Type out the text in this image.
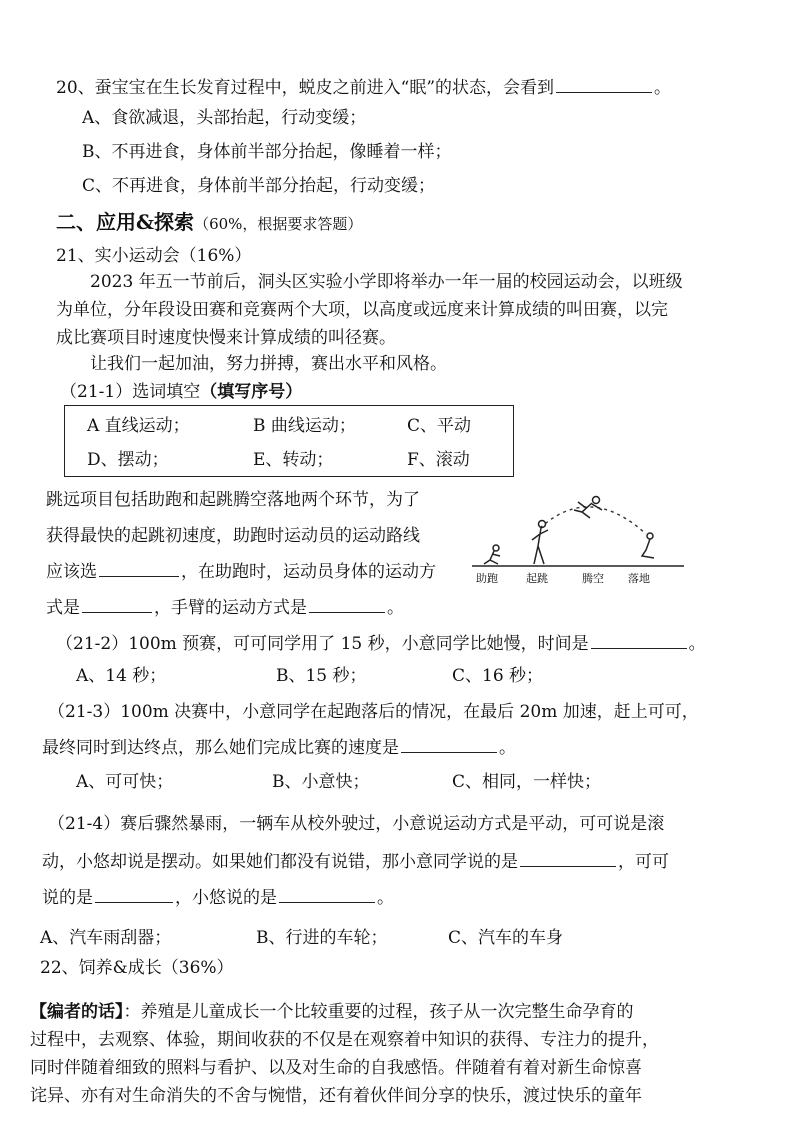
20、蚕宝宝在生长发育过程中，蜕皮之前进入“眠”的状态，会看到	。
A、食欲减退，头部抬起，行动变缓；
B、不再进食，身体前半部分抬起，像睡着一样；
C、不再进食，身体前半部分抬起，行动变缓；
二、应用&探索（60%，根据要求答题）
21、实小运动会（16%）
2023 年五一节前后，洞头区实验小学即将举办一年一届的校园运动会，以班级
为单位，分年段设田赛和竞赛两个大项，以高度或远度来计算成绩的叫田赛，以完
成比赛项目时速度快慢来计算成绩的叫径赛。
让我们一起加油，努力拼搏，赛出水平和风格。
（21-1）选词填空（填写序号）
A 直线运动；	B 曲线运动；	C、平动
D、摆动；	E、转动；	F、滚动
跳远项目包括助跑和起跳腾空落地两个环节，为了
获得最快的起跳初速度，助跑时运动员的运动路线
应该选	，在助跑时，运动员身体的运动方
式是	，手臂的运动方式是	。
助跑	起跳	腾空 落地
（21-2）100m 预赛，可可同学用了 15 秒，小意同学比她慢，时间是	。
A、14 秒；	B、15 秒；	C、16 秒；
（21-3）100m 决赛中，小意同学在起跑落后的情况，在最后 20m 加速，赶上可可，
最终同时到达终点，那么她们完成比赛的速度是	。
A、可可快；	B、小意快；	C、相同，一样快；
（21-4）赛后骤然暴雨，一辆车从校外驶过，小意说运动方式是平动，可可说是滚
动，小悠却说是摆动。如果她们都没有说错，那小意同学说的是	，可可
说的是	，小悠说的是	。
A、汽车雨刮器；	B、行进的车轮；	C、汽车的车身
22、饲养&成长（36%）
【编者的话】：养殖是儿童成长一个比较重要的过程，孩子从一次完整生命孕育的
过程中，去观察、体验，期间收获的不仅是在观察着中知识的获得、专注力的提升，
同时伴随着细致的照料与看护、以及对生命的自我感悟。伴随着有着对新生命惊喜
诧异、亦有对生命消失的不舍与惋惜，还有着伙伴间分享的快乐，渡过快乐的童年
